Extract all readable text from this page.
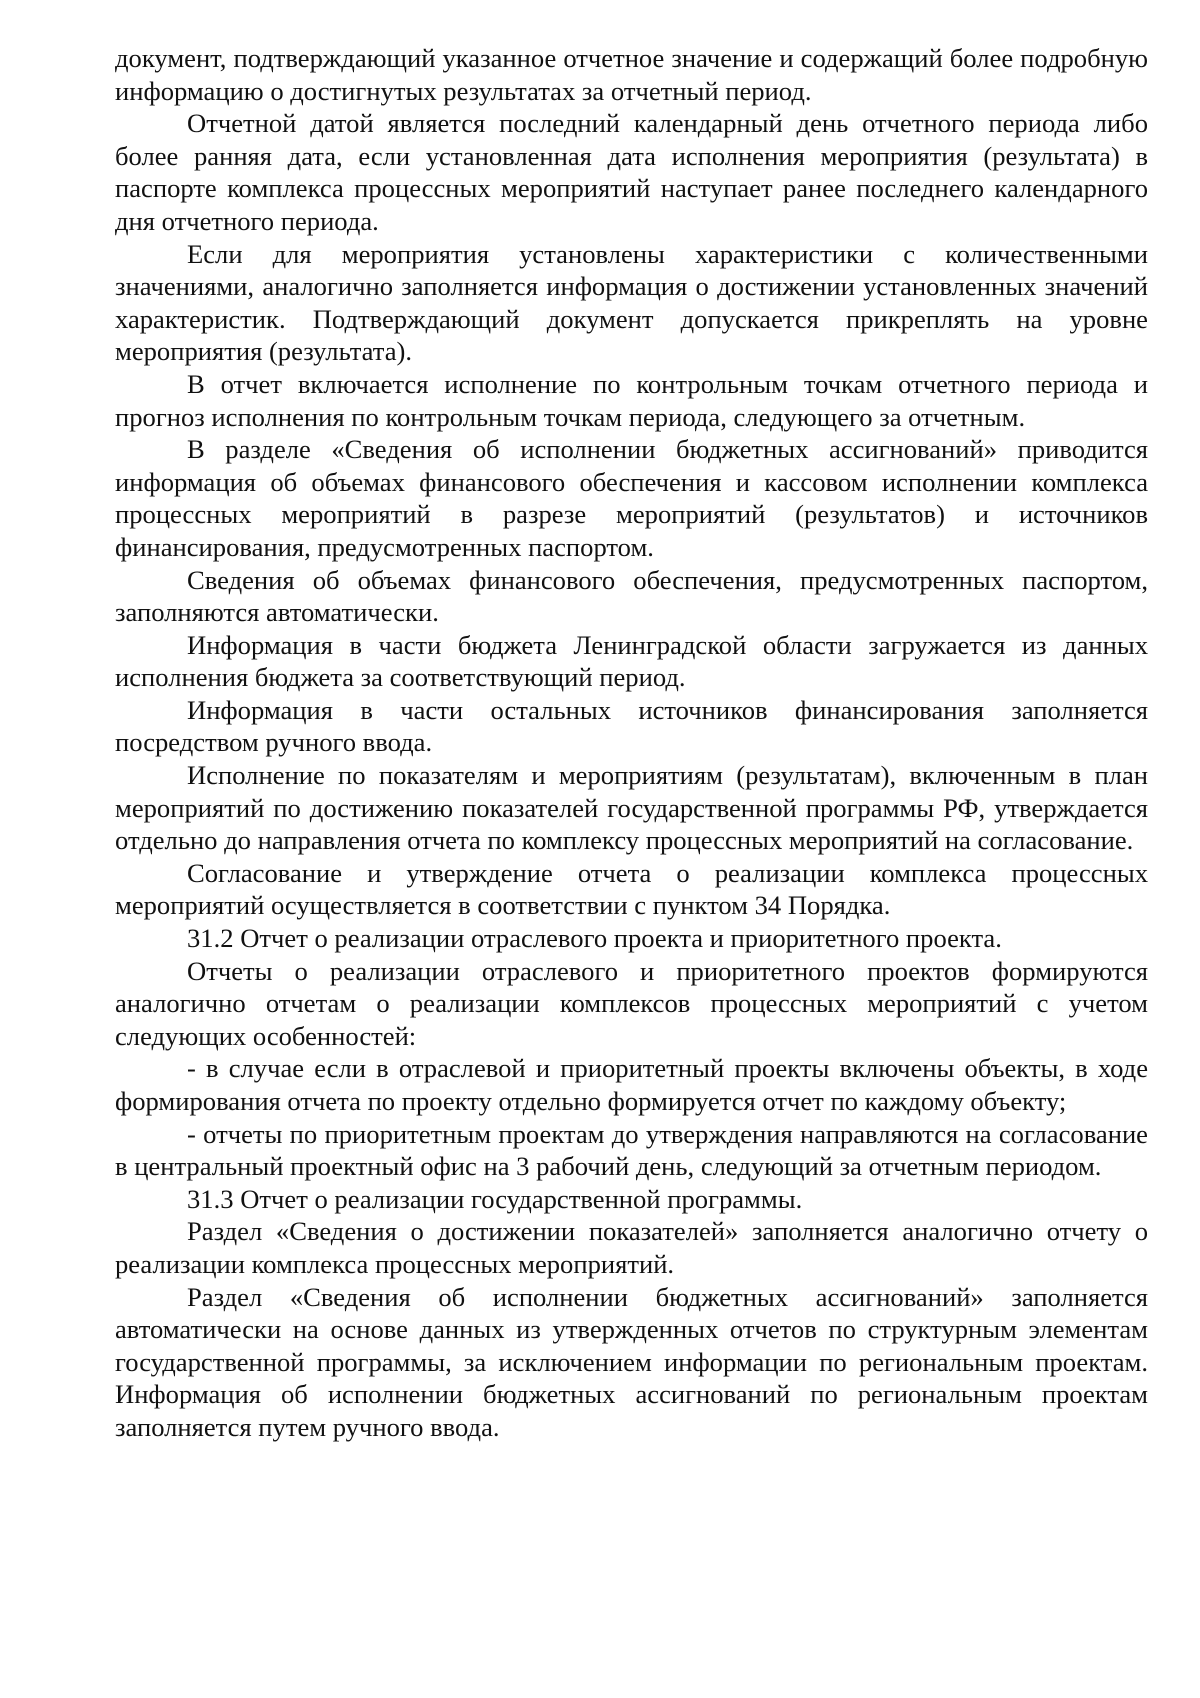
документ, подтверждающий указанное отчетное значение и содержащий более подробную информацию о достигнутых результатах за отчетный период.

Отчетной датой является последний календарный день отчетного периода либо более ранняя дата, если установленная дата исполнения мероприятия (результата) в паспорте комплекса процессных мероприятий наступает ранее последнего календарного дня отчетного периода.

Если для мероприятия установлены характеристики с количественными значениями, аналогично заполняется информация о достижении установленных значений характеристик. Подтверждающий документ допускается прикреплять на уровне мероприятия (результата).

В отчет включается исполнение по контрольным точкам отчетного периода и прогноз исполнения по контрольным точкам периода, следующего за отчетным.

В разделе «Сведения об исполнении бюджетных ассигнований» приводится информация об объемах финансового обеспечения и кассовом исполнении комплекса процессных мероприятий в разрезе мероприятий (результатов) и источников финансирования, предусмотренных паспортом.

Сведения об объемах финансового обеспечения, предусмотренных паспортом, заполняются автоматически.

Информация в части бюджета Ленинградской области загружается из данных исполнения бюджета за соответствующий период.

Информация в части остальных источников финансирования заполняется посредством ручного ввода.

Исполнение по показателям и мероприятиям (результатам), включенным в план мероприятий по достижению показателей государственной программы РФ, утверждается отдельно до направления отчета по комплексу процессных мероприятий на согласование.

Согласование и утверждение отчета о реализации комплекса процессных мероприятий осуществляется в соответствии с пунктом 34 Порядка.

31.2 Отчет о реализации отраслевого проекта и приоритетного проекта.

Отчеты о реализации отраслевого и приоритетного проектов формируются аналогично отчетам о реализации комплексов процессных мероприятий с учетом следующих особенностей:

- в случае если в отраслевой и приоритетный проекты включены объекты, в ходе формирования отчета по проекту отдельно формируется отчет по каждому объекту;

- отчеты по приоритетным проектам до утверждения направляются на согласование в центральный проектный офис на 3 рабочий день, следующий за отчетным периодом.

31.3 Отчет о реализации государственной программы.

Раздел «Сведения о достижении показателей» заполняется аналогично отчету о реализации комплекса процессных мероприятий.

Раздел «Сведения об исполнении бюджетных ассигнований» заполняется автоматически на основе данных из утвержденных отчетов по структурным элементам государственной программы, за исключением информации по региональным проектам. Информация об исполнении бюджетных ассигнований по региональным проектам заполняется путем ручного ввода.
